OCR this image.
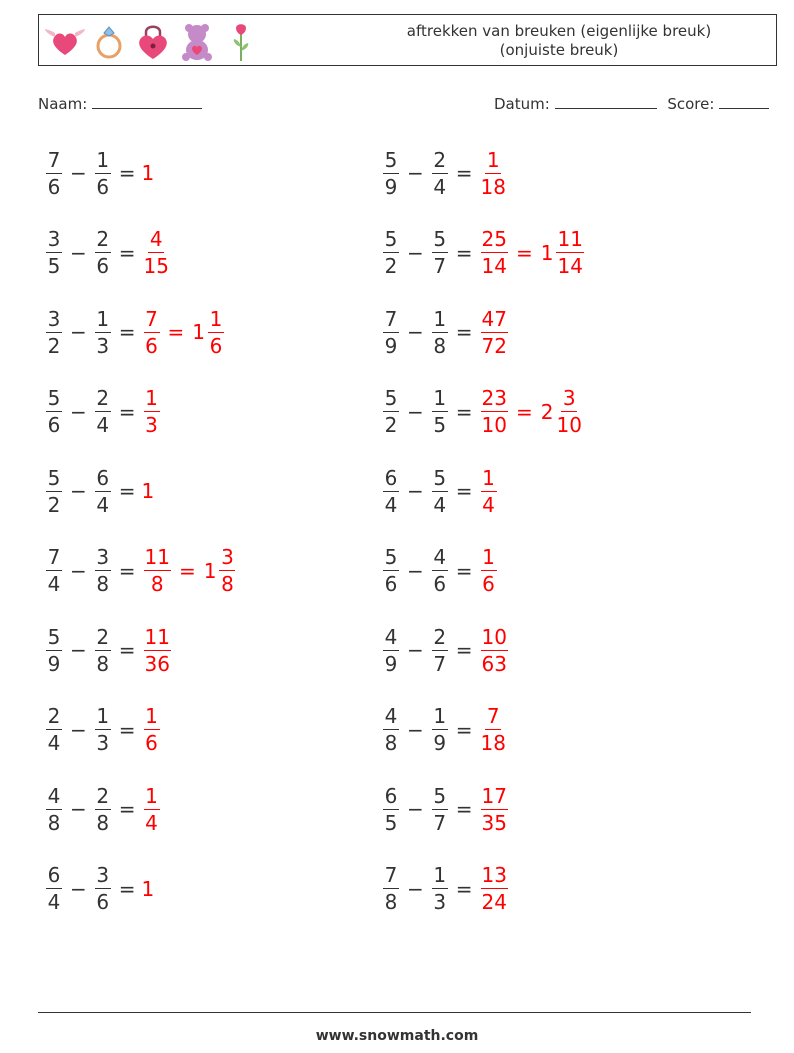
aftrekken van breuken (eigenlijke breuk)
(onjuiste breuk)
Naam:	Datum:	Score:
$\frac{7}{6} - \frac{1}{6} = 1$	$\frac{5}{9} - \frac{2}{4} = \frac{1}{18}$
$\frac{3}{5} - \frac{2}{6} = \frac{4}{15}$	$\frac{5}{2} - \frac{5}{7} = \frac{25}{14} = 1 \frac{11}{14}$
$\frac{3}{2} - \frac{1}{3} = \frac{7}{6} = 1 \frac{1}{6}$	$\frac{7}{9} - \frac{1}{8} = \frac{47}{72}$
$\frac{5}{6} - \frac{2}{4} = \frac{1}{3}$	$\frac{5}{2} - \frac{1}{5} = \frac{23}{10} = 2 \frac{3}{10}$
$\frac{5}{2} - \frac{6}{4} = 1$	$\frac{6}{4} - \frac{5}{4} = \frac{1}{4}$
$\frac{7}{4} - \frac{3}{8} = \frac{11}{8} = 1 \frac{3}{8}$	$\frac{5}{6} - \frac{4}{6} = \frac{1}{6}$
$\frac{5}{9} - \frac{2}{8} = \frac{11}{36}$	$\frac{4}{9} - \frac{2}{7} = \frac{10}{63}$
$\frac{2}{4} - \frac{1}{3} = \frac{1}{6}$	$\frac{4}{8} - \frac{1}{9} = \frac{7}{18}$
$\frac{4}{8} - \frac{2}{8} = \frac{1}{4}$	$\frac{6}{5} - \frac{5}{7} = \frac{17}{35}$
$\frac{6}{4} - \frac{3}{6} = 1$	$\frac{7}{8} - \frac{1}{3} = \frac{13}{24}$
www.snowmath.com
